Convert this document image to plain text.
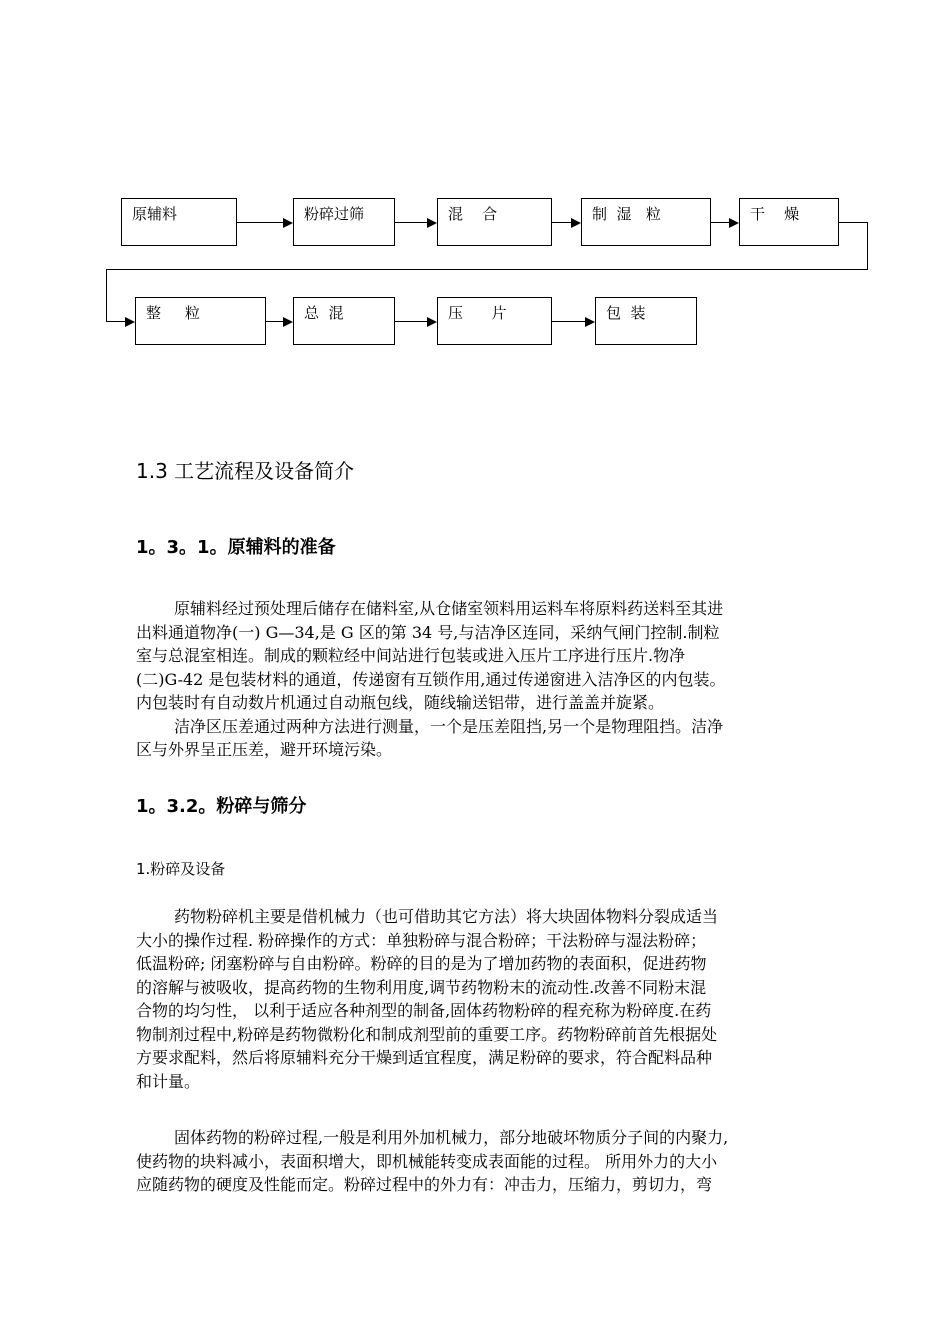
原辅料	粉碎过筛	混    合	制  湿   粒	干    燥
整     粒	总  混	压      片	包  装
1.3 工艺流程及设备简介
1。3。1。原辅料的准备

原辅料经过预处理后储存在储料室,从仓储室领料用运料车将原料药送料至其进

出料通道物净(一) G—34,是 G 区的第 34 号,与洁净区连同，采纳气闸门控制.制粒

室与总混室相连。制成的颗粒经中间站进行包装或进入压片工序进行压片.物净

(二)G-42 是包装材料的通道，传递窗有互锁作用,通过传递窗进入洁净区的内包装。

内包装时有自动数片机通过自动瓶包线，随线输送铝带，进行盖盖并旋紧。

洁净区压差通过两种方法进行测量，一个是压差阻挡,另一个是物理阻挡。洁净

区与外界呈正压差，避开环境污染。

1。3.2。粉碎与筛分
1.粉碎及设备

药物粉碎机主要是借机械力（也可借助其它方法）将大块固体物料分裂成适当

大小的操作过程. 粉碎操作的方式：单独粉碎与混合粉碎；干法粉碎与湿法粉碎；

低温粉碎; 闭塞粉碎与自由粉碎。粉碎的目的是为了增加药物的表面积，促进药物

的溶解与被吸收，提高药物的生物利用度,调节药物粉末的流动性.改善不同粉末混

合物的均匀性， 以利于适应各种剂型的制备,固体药物粉碎的程充称为粉碎度.在药

物制剂过程中,粉碎是药物微粉化和制成剂型前的重要工序。药物粉碎前首先根据处

方要求配料，然后将原辅料充分干燥到适宜程度，满足粉碎的要求，符合配料品种

和计量。

固体药物的粉碎过程,一般是利用外加机械力，部分地破坏物质分子间的内聚力,

使药物的块料减小，表面积增大，即机械能转变成表面能的过程。 所用外力的大小

应随药物的硬度及性能而定。粉碎过程中的外力有：冲击力，压缩力，剪切力，弯
